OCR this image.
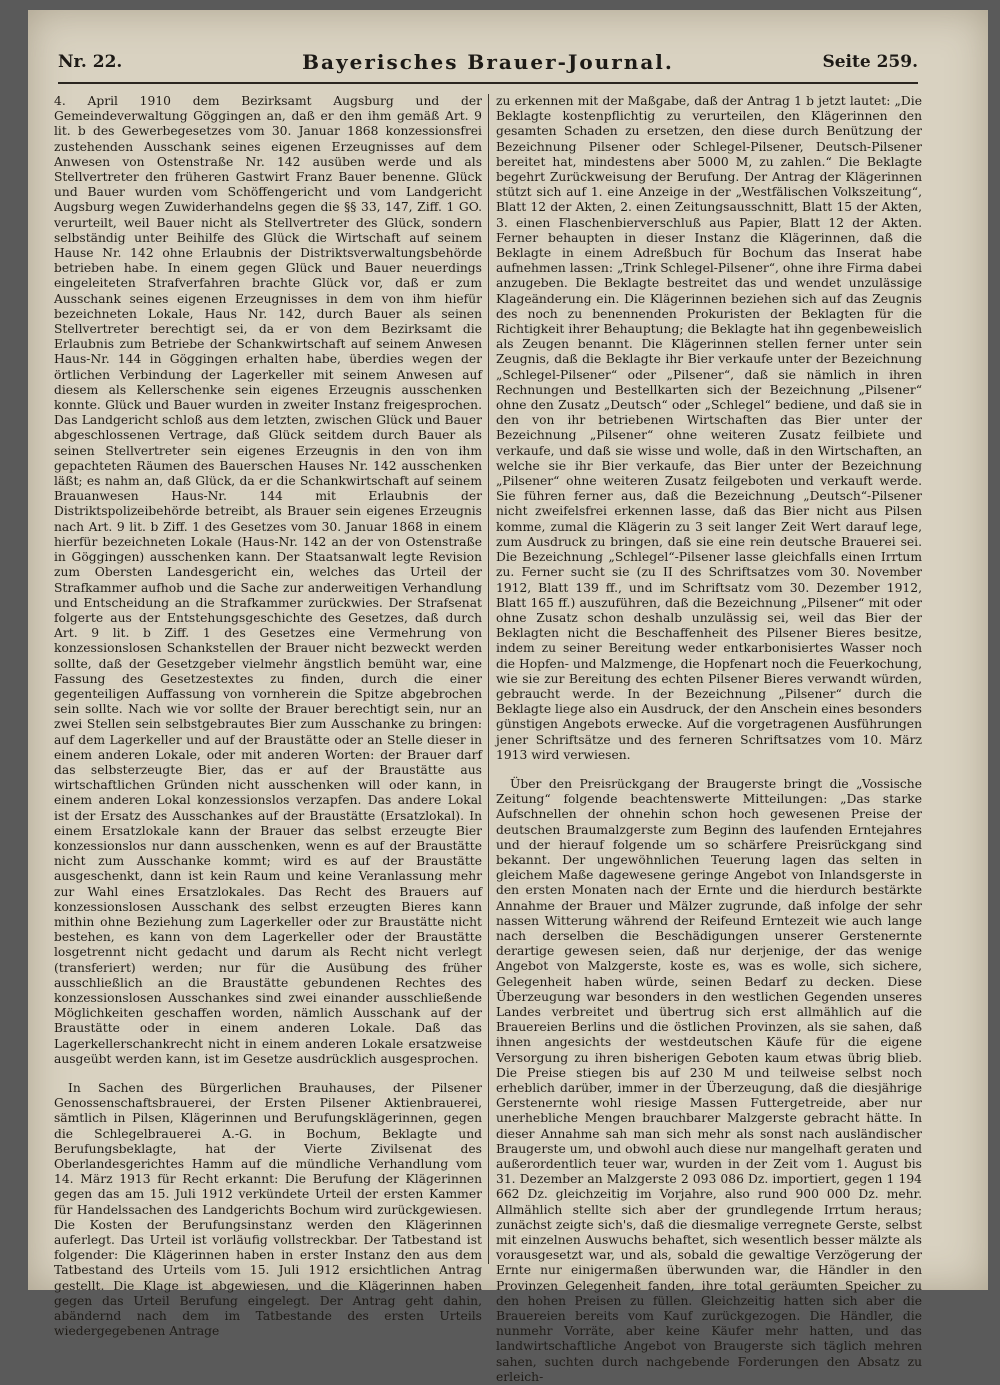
Nr. 22.	Bayerisches Brauer-Journal.	Seite 259.

4. April 1910 dem Bezirksamt Augsburg und der Gemeindeverwaltung Göggingen an, daß er den ihm gemäß Art. 9 lit. b des Gewerbegesetzes vom 30. Januar 1868 konzessionsfrei zustehenden Ausschank seines eigenen Erzeugnisses auf dem Anwesen von Ostenstraße Nr. 142 ausüben werde und als Stellvertreter den früheren Gastwirt Franz Bauer benenne. Glück und Bauer wurden vom Schöffengericht und vom Landgericht Augsburg wegen Zuwiderhandelns gegen die §§ 33, 147, Ziff. 1 GO. verurteilt, weil Bauer nicht als Stellvertreter des Glück, sondern selbständig unter Beihilfe des Glück die Wirtschaft auf seinem Hause Nr. 142 ohne Erlaubnis der Distriktsverwaltungsbehörde betrieben habe. In einem gegen Glück und Bauer neuerdings eingeleiteten Strafverfahren brachte Glück vor, daß er zum Ausschank seines eigenen Erzeugnisses in dem von ihm hiefür bezeichneten Lokale, Haus Nr. 142, durch Bauer als seinen Stellvertreter berechtigt sei, da er von dem Bezirksamt die Erlaubnis zum Betriebe der Schankwirtschaft auf seinem Anwesen Haus-Nr. 144 in Göggingen erhalten habe, überdies wegen der örtlichen Verbindung der Lagerkeller mit seinem Anwesen auf diesem als Kellerschenke sein eigenes Erzeugnis ausschenken konnte. Glück und Bauer wurden in zweiter Instanz freigesprochen. Das Landgericht schloß aus dem letzten, zwischen Glück und Bauer abgeschlossenen Vertrage, daß Glück seitdem durch Bauer als seinen Stellvertreter sein eigenes Erzeugnis in den von ihm gepachteten Räumen des Bauerschen Hauses Nr. 142 ausschenken läßt; es nahm an, daß Glück, da er die Schankwirtschaft auf seinem Brauanwesen Haus-Nr. 144 mit Erlaubnis der Distriktspolizeibehörde betreibt, als Brauer sein eigenes Erzeugnis nach Art. 9 lit. b Ziff. 1 des Gesetzes vom 30. Januar 1868 in einem hierfür bezeichneten Lokale (Haus-Nr. 142 an der von Ostenstraße in Göggingen) ausschenken kann. Der Staatsanwalt legte Revision zum Obersten Landesgericht ein, welches das Urteil der Strafkammer aufhob und die Sache zur anderweitigen Verhandlung und Entscheidung an die Strafkammer zurückwies. Der Strafsenat folgerte aus der Entstehungsgeschichte des Gesetzes, daß durch Art. 9 lit. b Ziff. 1 des Gesetzes eine Vermehrung von konzessionslosen Schankstellen der Brauer nicht bezweckt werden sollte, daß der Gesetzgeber vielmehr ängstlich bemüht war, eine Fassung des Gesetzestextes zu finden, durch die einer gegenteiligen Auffassung von vornherein die Spitze abgebrochen sein sollte. Nach wie vor sollte der Brauer berechtigt sein, nur an zwei Stellen sein selbstgebrautes Bier zum Ausschanke zu bringen: auf dem Lagerkeller und auf der Braustätte oder an Stelle dieser in einem anderen Lokale, oder mit anderen Worten: der Brauer darf das selbsterzeugte Bier, das er auf der Braustätte aus wirtschaftlichen Gründen nicht ausschenken will oder kann, in einem anderen Lokal konzessionslos verzapfen. Das andere Lokal ist der Ersatz des Ausschankes auf der Braustätte (Ersatzlokal). In einem Ersatzlokale kann der Brauer das selbst erzeugte Bier konzessionslos nur dann ausschenken, wenn es auf der Braustätte nicht zum Ausschanke kommt; wird es auf der Braustätte ausgeschenkt, dann ist kein Raum und keine Veranlassung mehr zur Wahl eines Ersatzlokales. Das Recht des Brauers auf konzessionslosen Ausschank des selbst erzeugten Bieres kann mithin ohne Beziehung zum Lagerkeller oder zur Braustätte nicht bestehen, es kann von dem Lagerkeller oder der Braustätte losgetrennt nicht gedacht und darum als Recht nicht verlegt (transferiert) werden; nur für die Ausübung des früher ausschließlich an die Braustätte gebundenen Rechtes des konzessionslosen Ausschankes sind zwei einander ausschließende Möglichkeiten geschaffen worden, nämlich Ausschank auf der Braustätte oder in einem anderen Lokale. Daß das Lagerkellerschankrecht nicht in einem anderen Lokale ersatzweise ausgeübt werden kann, ist im Gesetze ausdrücklich ausgesprochen.

In Sachen des Bürgerlichen Brauhauses, der Pilsener Genossenschaftsbrauerei, der Ersten Pilsener Aktienbrauerei, sämtlich in Pilsen, Klägerinnen und Berufungsklägerinnen, gegen die Schlegelbrauerei A.-G. in Bochum, Beklagte und Berufungsbeklagte, hat der Vierte Zivilsenat des Oberlandesgerichtes Hamm auf die mündliche Verhandlung vom 14. März 1913 für Recht erkannt: Die Berufung der Klägerinnen gegen das am 15. Juli 1912 verkündete Urteil der ersten Kammer für Handelssachen des Landgerichts Bochum wird zurückgewiesen. Die Kosten der Berufungsinstanz werden den Klägerinnen auferlegt. Das Urteil ist vorläufig vollstreckbar. Der Tatbestand ist folgender: Die Klägerinnen haben in erster Instanz den aus dem Tatbestand des Urteils vom 15. Juli 1912 ersichtlichen Antrag gestellt. Die Klage ist abgewiesen, und die Klägerinnen haben gegen das Urteil Berufung eingelegt. Der Antrag geht dahin, abändernd nach dem im Tatbestande des ersten Urteils wiedergegebenen Antrage

zu erkennen mit der Maßgabe, daß der Antrag 1 b jetzt lautet: „Die Beklagte kostenpflichtig zu verurteilen, den Klägerinnen den gesamten Schaden zu ersetzen, den diese durch Benützung der Bezeichnung Pilsener oder Schlegel-Pilsener, Deutsch-Pilsener bereitet hat, mindestens aber 5000 M, zu zahlen.“ Die Beklagte begehrt Zurückweisung der Berufung. Der Antrag der Klägerinnen stützt sich auf 1. eine Anzeige in der „Westfälischen Volkszeitung“, Blatt 12 der Akten, 2. einen Zeitungsausschnitt, Blatt 15 der Akten, 3. einen Flaschenbierverschluß aus Papier, Blatt 12 der Akten. Ferner behaupten in dieser Instanz die Klägerinnen, daß die Beklagte in einem Adreßbuch für Bochum das Inserat habe aufnehmen lassen: „Trink Schlegel-Pilsener“, ohne ihre Firma dabei anzugeben. Die Beklagte bestreitet das und wendet unzulässige Klageänderung ein. Die Klägerinnen beziehen sich auf das Zeugnis des noch zu benennenden Prokuristen der Beklagten für die Richtigkeit ihrer Behauptung; die Beklagte hat ihn gegenbeweislich als Zeugen benannt. Die Klägerinnen stellen ferner unter sein Zeugnis, daß die Beklagte ihr Bier verkaufe unter der Bezeichnung „Schlegel-Pilsener“ oder „Pilsener“, daß sie nämlich in ihren Rechnungen und Bestellkarten sich der Bezeichnung „Pilsener“ ohne den Zusatz „Deutsch“ oder „Schlegel“ bediene, und daß sie in den von ihr betriebenen Wirtschaften das Bier unter der Bezeichnung „Pilsener“ ohne weiteren Zusatz feilbiete und verkaufe, und daß sie wisse und wolle, daß in den Wirtschaften, an welche sie ihr Bier verkaufe, das Bier unter der Bezeichnung „Pilsener“ ohne weiteren Zusatz feilgeboten und verkauft werde. Sie führen ferner aus, daß die Bezeichnung „Deutsch“-Pilsener nicht zweifelsfrei erkennen lasse, daß das Bier nicht aus Pilsen komme, zumal die Klägerin zu 3 seit langer Zeit Wert darauf lege, zum Ausdruck zu bringen, daß sie eine rein deutsche Brauerei sei. Die Bezeichnung „Schlegel“-Pilsener lasse gleichfalls einen Irrtum zu. Ferner sucht sie (zu II des Schriftsatzes vom 30. November 1912, Blatt 139 ff., und im Schriftsatz vom 30. Dezember 1912, Blatt 165 ff.) auszuführen, daß die Bezeichnung „Pilsener“ mit oder ohne Zusatz schon deshalb unzulässig sei, weil das Bier der Beklagten nicht die Beschaffenheit des Pilsener Bieres besitze, indem zu seiner Bereitung weder entkarbonisiertes Wasser noch die Hopfen- und Malzmenge, die Hopfenart noch die Feuerkochung, wie sie zur Bereitung des echten Pilsener Bieres verwandt würden, gebraucht werde. In der Bezeichnung „Pilsener“ durch die Beklagte liege also ein Ausdruck, der den Anschein eines besonders günstigen Angebots erwecke. Auf die vorgetragenen Ausführungen jener Schriftsätze und des ferneren Schriftsatzes vom 10. März 1913 wird verwiesen.

Über den Preisrückgang der Braugerste bringt die „Vossische Zeitung“ folgende beachtenswerte Mitteilungen: „Das starke Aufschnellen der ohnehin schon hoch gewesenen Preise der deutschen Braumalzgerste zum Beginn des laufenden Erntejahres und der hierauf folgende um so schärfere Preisrückgang sind bekannt. Der ungewöhnlichen Teuerung lagen das selten in gleichem Maße dagewesene geringe Angebot von Inlandsgerste in den ersten Monaten nach der Ernte und die hierdurch bestärkte Annahme der Brauer und Mälzer zugrunde, daß infolge der sehr nassen Witterung während der Reifeund Erntezeit wie auch lange nach derselben die Beschädigungen unserer Gerstenernte derartige gewesen seien, daß nur derjenige, der das wenige Angebot von Malzgerste, koste es, was es wolle, sich sichere, Gelegenheit haben würde, seinen Bedarf zu decken. Diese Überzeugung war besonders in den westlichen Gegenden unseres Landes verbreitet und übertrug sich erst allmählich auf die Brauereien Berlins und die östlichen Provinzen, als sie sahen, daß ihnen angesichts der westdeutschen Käufe für die eigene Versorgung zu ihren bisherigen Geboten kaum etwas übrig blieb. Die Preise stiegen bis auf 230 M und teilweise selbst noch erheblich darüber, immer in der Überzeugung, daß die diesjährige Gerstenernte wohl riesige Massen Futtergetreide, aber nur unerhebliche Mengen brauchbarer Malzgerste gebracht hätte. In dieser Annahme sah man sich mehr als sonst nach ausländischer Braugerste um, und obwohl auch diese nur mangelhaft geraten und außerordentlich teuer war, wurden in der Zeit vom 1. August bis 31. Dezember an Malzgerste 2 093 086 Dz. importiert, gegen 1 194 662 Dz. gleichzeitig im Vorjahre, also rund 900 000 Dz. mehr. Allmählich stellte sich aber der grundlegende Irrtum heraus; zunächst zeigte sich's, daß die diesmalige verregnete Gerste, selbst mit einzelnen Auswuchs behaftet, sich wesentlich besser mälzte als vorausgesetzt war, und als, sobald die gewaltige Verzögerung der Ernte nur einigermaßen überwunden war, die Händler in den Provinzen Gelegenheit fanden, ihre total geräumten Speicher zu den hohen Preisen zu füllen. Gleichzeitig hatten sich aber die Brauereien bereits vom Kauf zurückgezogen. Die Händler, die nunmehr Vorräte, aber keine Käufer mehr hatten, und das landwirtschaftliche Angebot von Braugerste sich täglich mehren sahen, suchten durch nachgebende Forderungen den Absatz zu erleich-
